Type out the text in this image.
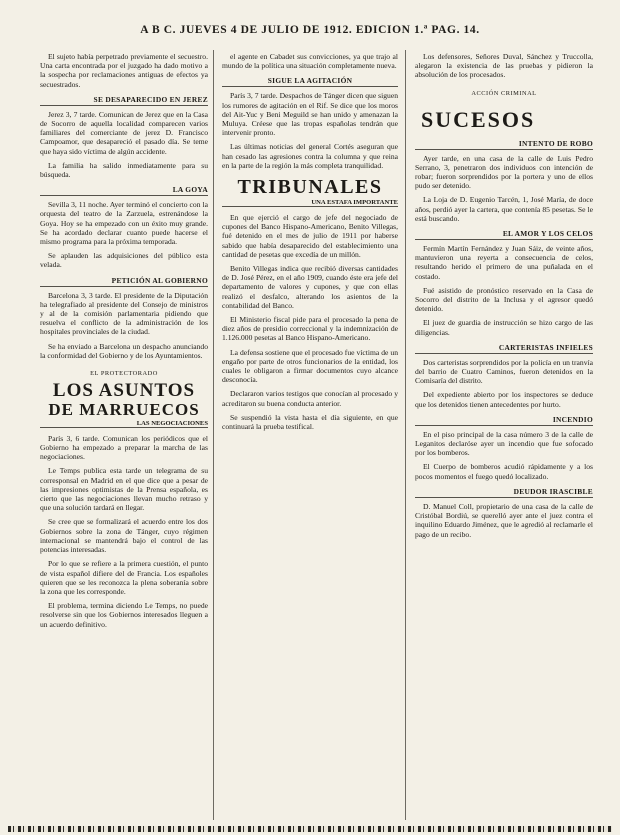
A B C. JUEVES 4 DE JULIO DE 1912. EDICION 1.ª PAG. 14.

El sujeto había perpetrado previamente el secuestro. Una carta encontrada por el juzgado ha dado motivo a la sospecha por reclamaciones antiguas de efectos ya secuestrados.

SE DESAPARECIDO EN JEREZ

Jerez 3, 7 tarde. Comunican de Jerez que en la Casa de Socorro de aquella localidad comparecen varios familiares del comerciante de jerez D. Francisco Campoamor, que desapareció el pasado día. Se teme que haya sido víctima de algún accidente.

La familia ha salido inmediatamente para su búsqueda.

LA GOYA

Sevilla 3, 11 noche. Ayer terminó el concierto con la orquesta del teatro de la Zarzuela, estrenándose la Goya. Hoy se ha empezado con un éxito muy grande. Se ha acordado declarar cuanto puede hacerse el mismo programa para la próxima temporada.

Se aplauden las adquisiciones del público esta velada.

PETICIÓN AL GOBIERNO

Barcelona 3, 3 tarde. El presidente de la Diputación ha telegrafiado al presidente del Consejo de ministros y al de la comisión parlamentaria pidiendo que resuelva el conflicto de la administración de los hospitales provinciales de la ciudad.

Se ha enviado a Barcelona un despacho anunciando la conformidad del Gobierno y de los Ayuntamientos.

EL PROTECTORADO
LOS ASUNTOS
DE MARRUECOS
LAS NEGOCIACIONES

París 3, 6 tarde. Comunican los periódicos que el Gobierno ha empezado a preparar la marcha de las negociaciones.

Le Temps publica esta tarde un telegrama de su corresponsal en Madrid en el que dice que a pesar de las impresiones optimistas de la Prensa española, es cierto que las negociaciones llevan mucho retraso y que una solución tardará en llegar.

Se cree que se formalizará el acuerdo entre los dos Gobiernos sobre la zona de Tánger, cuyo régimen internacional se mantendrá bajo el control de las potencias interesadas.

Por lo que se refiere a la primera cuestión, el punto de vista español difiere del de Francia. Los españoles quieren que se les reconozca la plena soberanía sobre la zona que les corresponde.

El problema, termina diciendo Le Temps, no puede resolverse sin que los Gobiernos interesados lleguen a un acuerdo definitivo.

el agente en Cabadet sus convicciones, ya que trajo al mundo de la política una situación completamente nueva.

SIGUE LA AGITACIÓN

París 3, 7 tarde. Despachos de Tánger dicen que siguen los rumores de agitación en el Rif. Se dice que los moros del Ait-Yuc y Beni Meguild se han unido y amenazan la Muluya. Créese que las tropas españolas tendrán que intervenir pronto.

Las últimas noticias del general Cortés aseguran que han cesado las agresiones contra la columna y que reina en la parte de la región la más completa tranquilidad.

TRIBUNALES
UNA ESTAFA IMPORTANTE

En que ejerció el cargo de jefe del negociado de cupones del Banco Hispano-Americano, Benito Villegas, fué detenido en el mes de julio de 1911 por haberse sabido que había desaparecido del establecimiento una cantidad de pesetas que excedía de un millón.

Benito Villegas indica que recibió diversas cantidades de D. José Pérez, en el año 1909, cuando éste era jefe del departamento de valores y cupones, y que con ellas realizó el desfalco, alterando los asientos de la contabilidad del Banco.

El Ministerio fiscal pide para el procesado la pena de diez años de presidio correccional y la indemnización de 1.126.000 pesetas al Banco Hispano-Americano.

La defensa sostiene que el procesado fue víctima de un engaño por parte de otros funcionarios de la entidad, los cuales le obligaron a firmar documentos cuyo alcance desconocía.

Declararon varios testigos que conocían al procesado y acreditaron su buena conducta anterior.

Se suspendió la vista hasta el día siguiente, en que continuará la prueba testifical.

Los defensores, Señores Duval, Sánchez y Truccolla, alegaron la existencia de las pruebas y pidieron la absolución de los procesados.

ACCIÓN CRIMINAL
SUCESOS
INTENTO DE ROBO

Ayer tarde, en una casa de la calle de Luis Pedro Serrano, 3, penetraron dos individuos con intención de robar; fueron sorprendidos por la portera y uno de ellos pudo ser detenido.

La Loja de D. Eugenio Tarcén, 1, José María, de doce años, perdió ayer la cartera, que contenía 85 pesetas. Se le está buscando.

EL AMOR Y LOS CELOS

Fermín Martín Fernández y Juan Sáiz, de veinte años, mantuvieron una reyerta a consecuencia de celos, resultando herido el primero de una puñalada en el costado.

Fué asistido de pronóstico reservado en la Casa de Socorro del distrito de la Inclusa y el agresor quedó detenido.

El juez de guardia de instrucción se hizo cargo de las diligencias.

CARTERISTAS INFIELES

Dos carteristas sorprendidos por la policía en un tranvía del barrio de Cuatro Caminos, fueron detenidos en la Comisaría del distrito.

Del expediente abierto por los inspectores se deduce que los detenidos tienen antecedentes por hurto.

INCENDIO

En el piso principal de la casa número 3 de la calle de Leganitos declaróse ayer un incendio que fue sofocado por los bomberos.

El Cuerpo de bomberos acudió rápidamente y a los pocos momentos el fuego quedó localizado.

DEUDOR IRASCIBLE

D. Manuel Coll, propietario de una casa de la calle de Cristóbal Bordiú, se querelló ayer ante el juez contra el inquilino Eduardo Jiménez, que le agredió al reclamarle el pago de un recibo.
